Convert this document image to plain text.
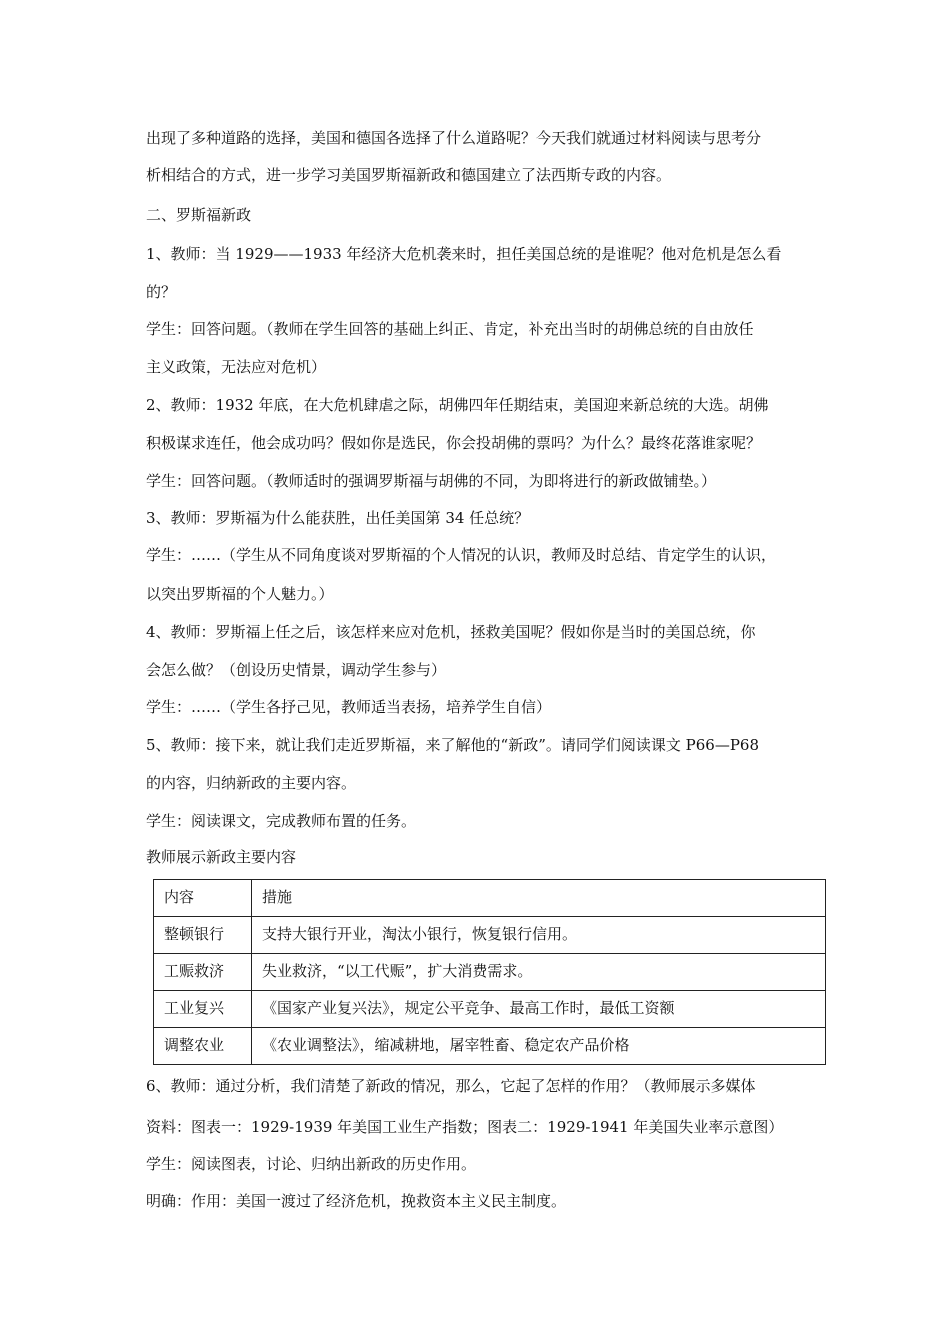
出现了多种道路的选择，美国和德国各选择了什么道路呢？今天我们就通过材料阅读与思考分
析相结合的方式，进一步学习美国罗斯福新政和德国建立了法西斯专政的内容。
二、罗斯福新政
1、教师：当 1929——1933 年经济大危机袭来时，担任美国总统的是谁呢？他对危机是怎么看
的？
学生：回答问题。（教师在学生回答的基础上纠正、肯定，补充出当时的胡佛总统的自由放任
主义政策，无法应对危机）
2、教师：1932 年底，在大危机肆虐之际，胡佛四年任期结束，美国迎来新总统的大选。胡佛
积极谋求连任，他会成功吗？假如你是选民，你会投胡佛的票吗？为什么？最终花落谁家呢？
学生：回答问题。（教师适时的强调罗斯福与胡佛的不同，为即将进行的新政做铺垫。）
3、教师：罗斯福为什么能获胜，出任美国第 34 任总统？
学生：……（学生从不同角度谈对罗斯福的个人情况的认识，教师及时总结、肯定学生的认识，
以突出罗斯福的个人魅力。）
4、教师：罗斯福上任之后，该怎样来应对危机，拯救美国呢？假如你是当时的美国总统，你
会怎么做？（创设历史情景，调动学生参与）
学生：……（学生各抒己见，教师适当表扬，培养学生自信）
5、教师：接下来，就让我们走近罗斯福，来了解他的“新政”。请同学们阅读课文 P66—P68
的内容，归纳新政的主要内容。
学生：阅读课文，完成教师布置的任务。
教师展示新政主要内容
内容	措施
整顿银行	支持大银行开业，淘汰小银行，恢复银行信用。
工赈救济	失业救济，“以工代赈”，扩大消费需求。
工业复兴	《国家产业复兴法》，规定公平竞争、最高工作时，最低工资额
调整农业	《农业调整法》，缩减耕地，屠宰牲畜、稳定农产品价格
6、教师：通过分析，我们清楚了新政的情况，那么，它起了怎样的作用？（教师展示多媒体
资料：图表一：1929-1939 年美国工业生产指数；图表二：1929-1941 年美国失业率示意图）
学生：阅读图表，讨论、归纳出新政的历史作用。
明确：作用：美国一渡过了经济危机，挽救资本主义民主制度。
